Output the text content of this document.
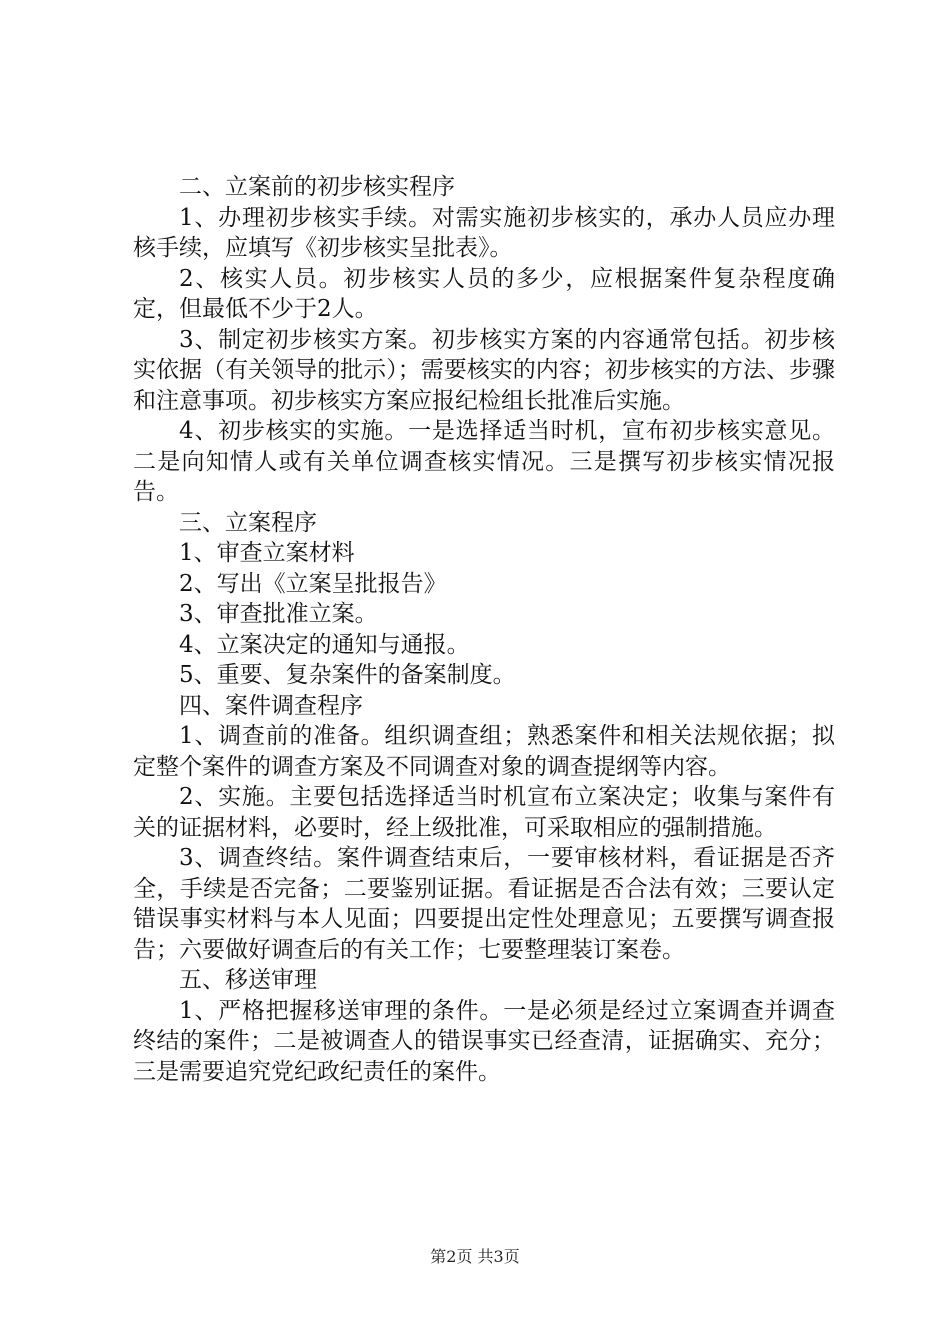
二、立案前的初步核实程序

1、办理初步核实手续。对需实施初步核实的，承办人员应办理核手续，应填写《初步核实呈批表》。

2、核实人员。初步核实人员的多少，应根据案件复杂程度确定，但最低不少于2人。

3、制定初步核实方案。初步核实方案的内容通常包括。初步核实依据（有关领导的批示）；需要核实的内容；初步核实的方法、步骤和注意事项。初步核实方案应报纪检组长批准后实施。

4、初步核实的实施。一是选择适当时机，宣布初步核实意见。二是向知情人或有关单位调查核实情况。三是撰写初步核实情况报告。

三、立案程序

1、审查立案材料

2、写出《立案呈批报告》

3、审查批准立案。

4、立案决定的通知与通报。

5、重要、复杂案件的备案制度。

四、案件调查程序

1、调查前的准备。组织调查组；熟悉案件和相关法规依据；拟定整个案件的调查方案及不同调查对象的调查提纲等内容。

2、实施。主要包括选择适当时机宣布立案决定；收集与案件有关的证据材料，必要时，经上级批准，可采取相应的强制措施。

3、调查终结。案件调查结束后，一要审核材料，看证据是否齐全，手续是否完备；二要鉴别证据。看证据是否合法有效；三要认定错误事实材料与本人见面；四要提出定性处理意见；五要撰写调查报告；六要做好调查后的有关工作；七要整理装订案卷。

五、移送审理

1、严格把握移送审理的条件。一是必须是经过立案调查并调查终结的案件；二是被调查人的错误事实已经查清，证据确实、充分；三是需要追究党纪政纪责任的案件。

第2页 共3页
